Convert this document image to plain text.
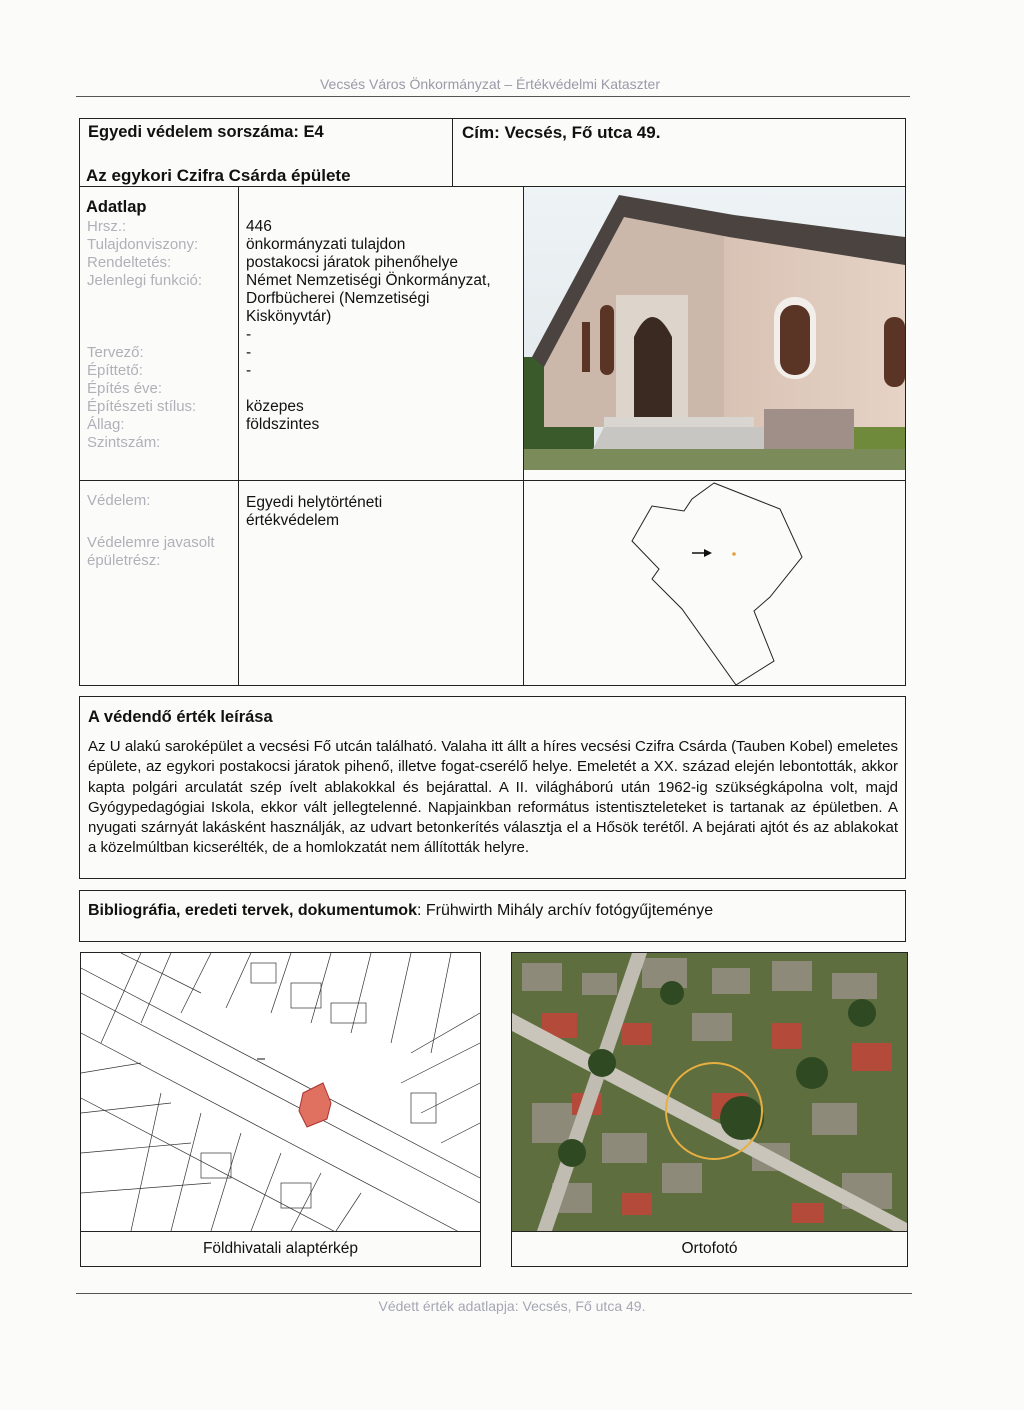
Vecsés Város Önkormányzat – Értékvédelmi Kataszter
Egyedi védelem sorszáma: E4	Cím: Vecsés, Fő utca 49.
Az egykori Czifra Csárda épülete
Adatlap
Hrsz.:
Tulajdonviszony:
Rendeltetés:
Jelenlegi funkció:
Tervező:
Építtető:
Építés éve:
Építészeti stílus:
Állag:
Szintszám:
446
önkormányzati tulajdon
postakocsi járatok pihenőhelye
Német Nemzetiségi Önkormányzat, Dorfbücherei (Nemzetiségi Kiskönyvtár)
-
-
-
közepes
földszintes
Védelem:
Védelemre javasolt épületrész:
Egyedi helytörténeti értékvédelem
A védendő érték leírása
Az U alakú saroképület a vecsési Fő utcán található. Valaha itt állt a híres vecsési Czifra Csárda (Tauben Kobel) emeletes épülete, az egykori postakocsi járatok pihenő, illetve fogat-cserélő helye. Emeletét a XX. század elején lebontották, akkor kapta polgári arculatát szép ívelt ablakokkal és bejárattal. A II. világháború után 1962-ig szükségkápolna volt, majd Gyógypedagógiai Iskola, ekkor vált jellegtelenné. Napjainkban református istentiszteleteket is tartanak az épületben. A nyugati szárnyát lakásként használják, az udvart betonkerítés választja el a Hősök terétől. A bejárati ajtót és az ablakokat a közelmúltban kicserélték, de a homlokzatát nem állították helyre.
Bibliográfia, eredeti tervek, dokumentumok: Frühwirth Mihály archív fotógyűjteménye
Földhivatali alaptérkép	Ortofotó
Védett érték adatlapja: Vecsés, Fő utca 49.
